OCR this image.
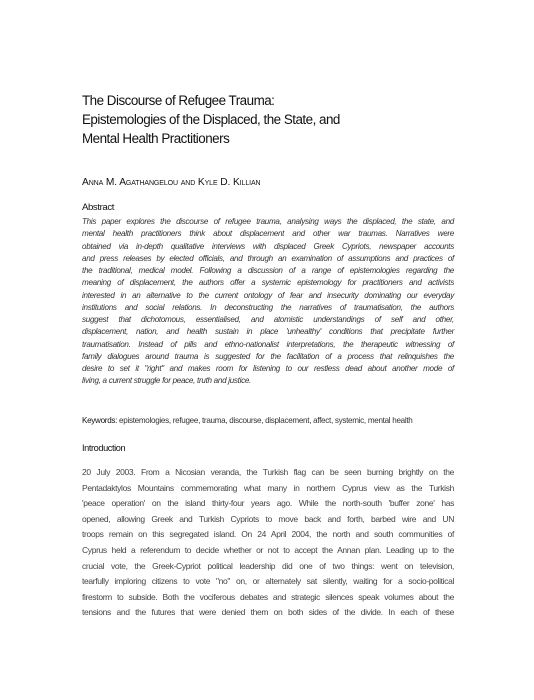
The Discourse of Refugee Trauma:
Epistemologies of the Displaced, the State, and
Mental Health Practitioners
Anna M. Agathangelou and Kyle D. Killian
Abstract
This paper explores the discourse of refugee trauma, analysing ways the displaced, the state, and
mental health practitioners think about displacement and other war traumas. Narratives were
obtained via in-depth qualitative interviews with displaced Greek Cypriots, newspaper accounts
and press releases by elected officials, and through an examination of assumptions and practices of
the traditional, medical model. Following a discussion of a range of epistemologies regarding the
meaning of displacement, the authors offer a systemic epistemology for practitioners and activists
interested in an alternative to the current ontology of fear and insecurity dominating our everyday
institutions and social relations. In deconstructing the narratives of traumatisation, the authors
suggest that dichotomous, essentialised, and atomistic understandings of self and other,
displacement, nation, and health sustain in place 'unhealthy' conditions that precipitate further
traumatisation. Instead of pills and ethno-nationalist interpretations, the therapeutic witnessing of
family dialogues around trauma is suggested for the facilitation of a process that relinquishes the
desire to set it "right" and makes room for listening to our restless dead about another mode of
living, a current struggle for peace, truth and justice.
Keywords: epistemologies, refugee, trauma, discourse, displacement, affect, systemic, mental health
Introduction
20 July 2003. From a Nicosian veranda, the Turkish flag can be seen burning brightly on the
Pentadaktylos Mountains commemorating what many in northern Cyprus view as the Turkish
'peace operation' on the island thirty-four years ago. While the north-south 'buffer zone' has
opened, allowing Greek and Turkish Cypriots to move back and forth, barbed wire and UN
troops remain on this segregated island. On 24 April 2004, the north and south communities of
Cyprus held a referendum to decide whether or not to accept the Annan plan. Leading up to the
crucial vote, the Greek-Cypriot political leadership did one of two things: went on television,
tearfully imploring citizens to vote "no" on, or alternately sat silently, waiting for a socio-political
firestorm to subside. Both the vociferous debates and strategic silences speak volumes about the
tensions and the futures that were denied them on both sides of the divide. In each of these
